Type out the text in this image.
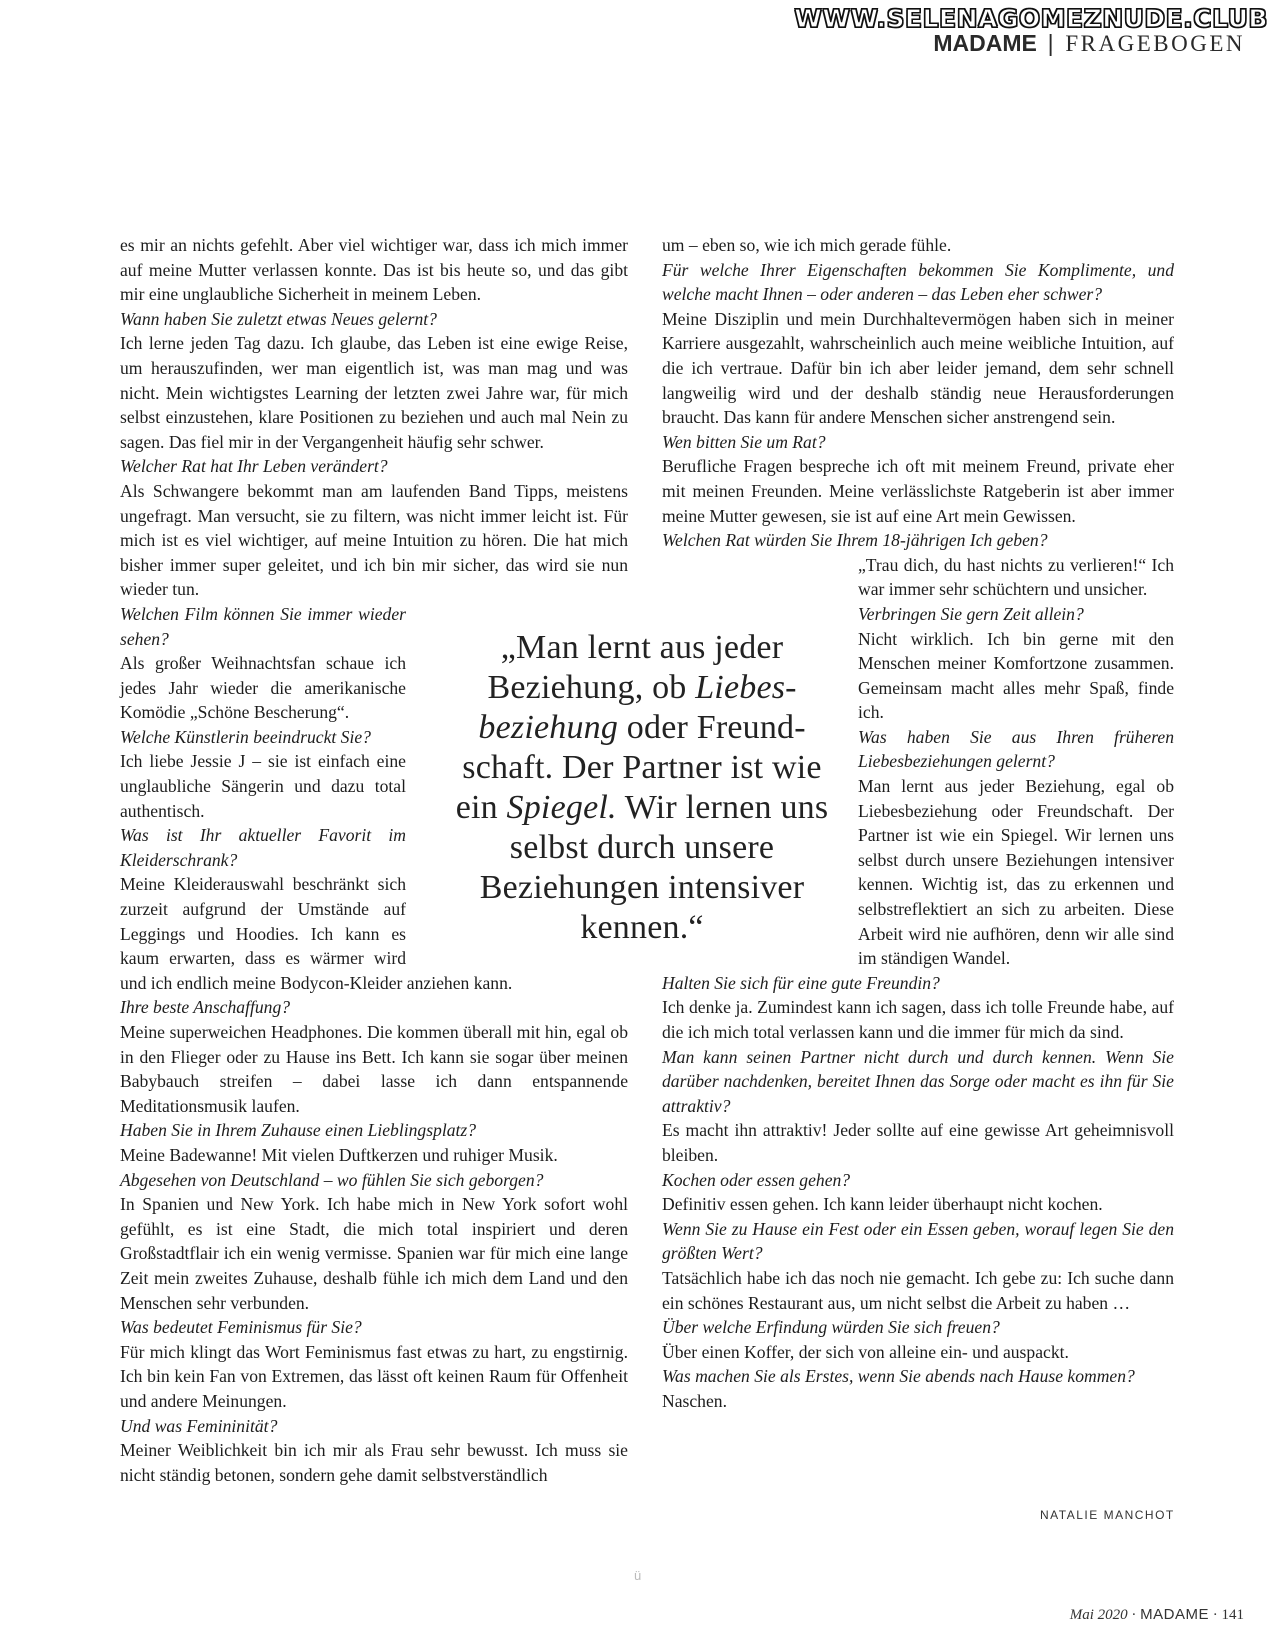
WWW.SELENAGOMEZNUDE.CLUB
MADAME | FRAGEBOGEN
es mir an nichts gefehlt. Aber viel wichtiger war, dass ich mich immer auf meine Mutter verlassen konnte. Das ist bis heute so, und das gibt mir eine unglaubliche Sicherheit in meinem Leben.
Wann haben Sie zuletzt etwas Neues gelernt?
Ich lerne jeden Tag dazu. Ich glaube, das Leben ist eine ewige Reise, um herauszufinden, wer man eigentlich ist, was man mag und was nicht. Mein wichtigstes Learning der letzten zwei Jahre war, für mich selbst einzustehen, klare Positionen zu beziehen und auch mal Nein zu sagen. Das fiel mir in der Vergangenheit häufig sehr schwer.
Welcher Rat hat Ihr Leben verändert?
Als Schwangere bekommt man am laufenden Band Tipps, meistens ungefragt. Man versucht, sie zu filtern, was nicht immer leicht ist. Für mich ist es viel wichtiger, auf meine Intuition zu hören. Die hat mich bisher immer super geleitet, und ich bin mir sicher, das wird sie nun wieder tun.
Welchen Film können Sie immer wieder sehen?
Als großer Weihnachtsfan schaue ich jedes Jahr wieder die amerikanische Komödie „Schöne Bescherung“.
Welche Künstlerin beeindruckt Sie?
Ich liebe Jessie J – sie ist einfach eine unglaubliche Sängerin und dazu total authentisch.
Was ist Ihr aktueller Favorit im Kleiderschrank?
Meine Kleiderauswahl beschränkt sich zurzeit aufgrund der Umstände auf Leggings und Hoodies. Ich kann es kaum erwarten, dass es wärmer wird und ich endlich meine Bodycon-Kleider anziehen kann.
Ihre beste Anschaffung?
Meine superweichen Headphones. Die kommen überall mit hin, egal ob in den Flieger oder zu Hause ins Bett. Ich kann sie sogar über meinen Babybauch streifen – dabei lasse ich dann entspannende Meditationsmusik laufen.
Haben Sie in Ihrem Zuhause einen Lieblingsplatz?
Meine Badewanne! Mit vielen Duftkerzen und ruhiger Musik.
Abgesehen von Deutschland – wo fühlen Sie sich geborgen?
In Spanien und New York. Ich habe mich in New York sofort wohl gefühlt, es ist eine Stadt, die mich total inspiriert und deren Großstadtflair ich ein wenig vermisse. Spanien war für mich eine lange Zeit mein zweites Zuhause, deshalb fühle ich mich dem Land und den Menschen sehr verbunden.
Was bedeutet Feminismus für Sie?
Für mich klingt das Wort Feminismus fast etwas zu hart, zu engstirnig. Ich bin kein Fan von Extremen, das lässt oft keinen Raum für Offenheit und andere Meinungen.
Und was Femininität?
Meiner Weiblichkeit bin ich mir als Frau sehr bewusst. Ich muss sie nicht ständig betonen, sondern gehe damit selbstverständlich
um – eben so, wie ich mich gerade fühle.
Für welche Ihrer Eigenschaften bekommen Sie Komplimente, und welche macht Ihnen – oder anderen – das Leben eher schwer?
Meine Disziplin und mein Durchhaltevermögen haben sich in meiner Karriere ausgezahlt, wahrscheinlich auch meine weibliche Intuition, auf die ich vertraue. Dafür bin ich aber leider jemand, dem sehr schnell langweilig wird und der deshalb ständig neue Herausforderungen braucht. Das kann für andere Menschen sicher anstrengend sein.
Wen bitten Sie um Rat?
Berufliche Fragen bespreche ich oft mit meinem Freund, private eher mit meinen Freunden. Meine verlässlichste Ratgeberin ist aber immer meine Mutter gewesen, sie ist auf eine Art mein Gewissen.
Welchen Rat würden Sie Ihrem 18-jährigen Ich geben?
„Trau dich, du hast nichts zu verlieren!“ Ich war immer sehr schüchtern und unsicher.
Verbringen Sie gern Zeit allein?
Nicht wirklich. Ich bin gerne mit den Menschen meiner Komfortzone zusammen. Gemeinsam macht alles mehr Spaß, finde ich.
Was haben Sie aus Ihren früheren Liebesbeziehungen gelernt?
Man lernt aus jeder Beziehung, egal ob Liebesbeziehung oder Freundschaft. Der Partner ist wie ein Spiegel. Wir lernen uns selbst durch unsere Beziehungen intensiver kennen. Wichtig ist, das zu erkennen und selbstreflektiert an sich zu arbeiten. Diese Arbeit wird nie aufhören, denn wir alle sind im ständigen Wandel.
Halten Sie sich für eine gute Freundin?
Ich denke ja. Zumindest kann ich sagen, dass ich tolle Freunde habe, auf die ich mich total verlassen kann und die immer für mich da sind.
Man kann seinen Partner nicht durch und durch kennen. Wenn Sie darüber nachdenken, bereitet Ihnen das Sorge oder macht es ihn für Sie attraktiv?
Es macht ihn attraktiv! Jeder sollte auf eine gewisse Art geheimnisvoll bleiben.
Kochen oder essen gehen?
Definitiv essen gehen. Ich kann leider überhaupt nicht kochen.
Wenn Sie zu Hause ein Fest oder ein Essen geben, worauf legen Sie den größten Wert?
Tatsächlich habe ich das noch nie gemacht. Ich gebe zu: Ich suche dann ein schönes Restaurant aus, um nicht selbst die Arbeit zu haben …
Über welche Erfindung würden Sie sich freuen?
Über einen Koffer, der sich von alleine ein- und auspackt.
Was machen Sie als Erstes, wenn Sie abends nach Hause kommen?
Naschen.
„Man lernt aus jeder Beziehung, ob Liebesbeziehung oder Freundschaft. Der Partner ist wie ein Spiegel. Wir lernen uns selbst durch unsere Beziehungen intensiver kennen.“
NATALIE MANCHOT
ü
Mai 2020 · MADAME · 141
